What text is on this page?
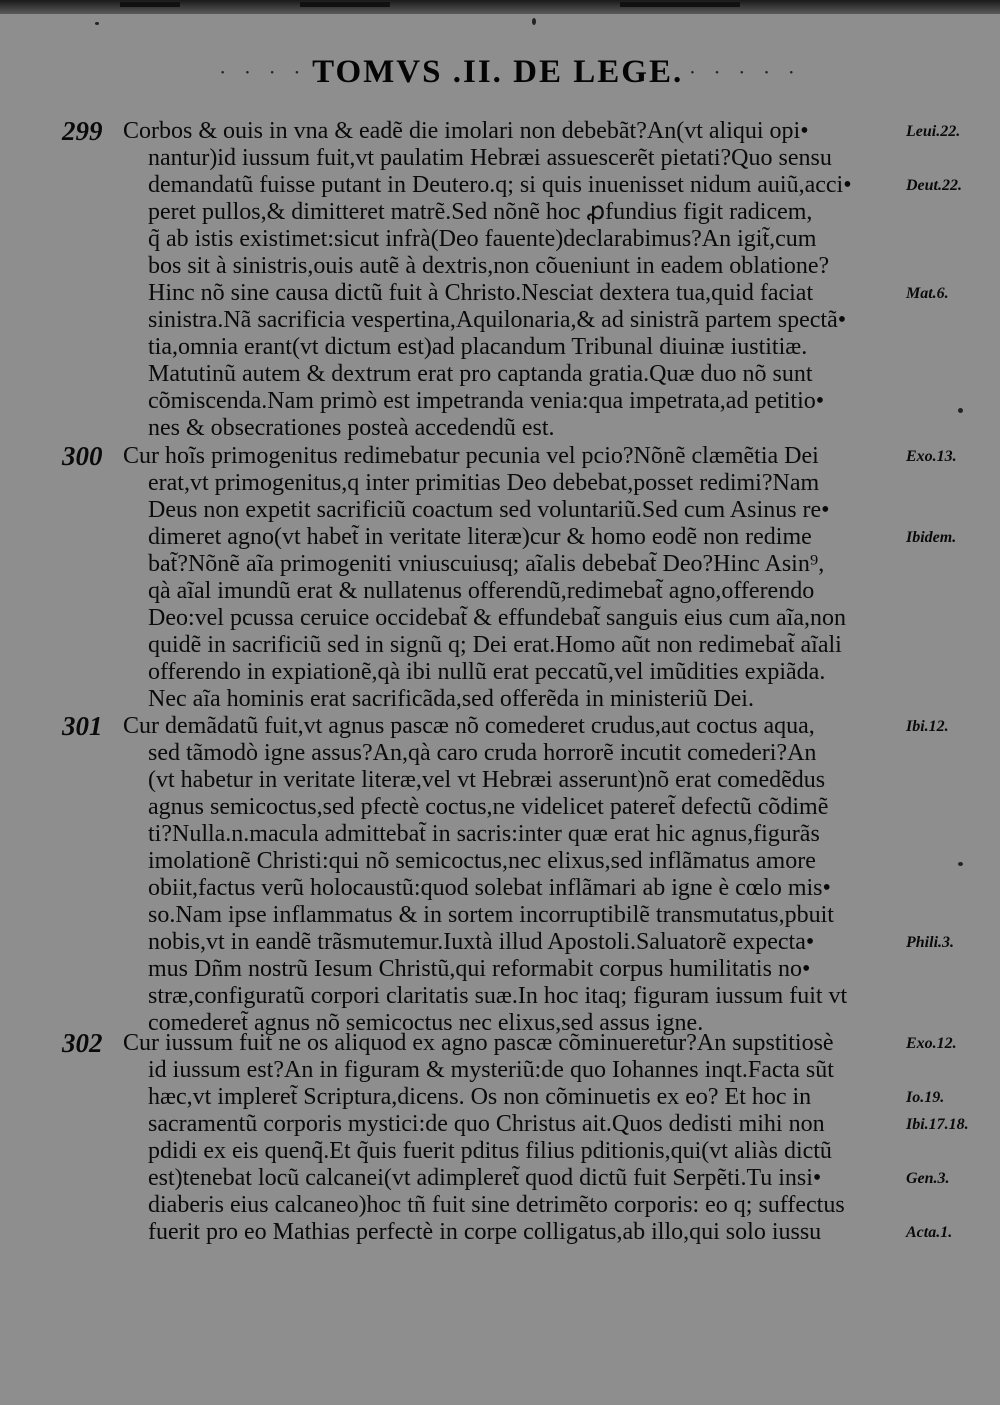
· · · · TOMVS .II. DE LEGE. · · · · ·
299 Corbos & ouis in vna & eadẽ die imolari non debebãt?An(vt aliqui opi•
nantur)id iussum fuit,vt paulatim Hebræi assuescerẽt pietati?Quo sensu
demandatũ fuisse putant in Deutero.q; si quis inuenisset nidum auiũ,acci•
peret pullos,& dimitteret matrẽ.Sed nõnẽ hoc ꝓfundius figit radicem,
q̃ ab istis existimet:sicut infrà(Deo fauente)declarabimus?An igit̃,cum
bos sit à sinistris,ouis autẽ à dextris,non cõueniunt in eadem oblatione?
Hinc nõ sine causa dictũ fuit à Christo.Nesciat dextera tua,quid faciat
sinistra.Nã sacrificia vespertina,Aquilonaria,& ad sinistrã partem spectã•
tia,omnia erant(vt dictum est)ad placandum Tribunal diuinæ iustitiæ.
Matutinũ autem & dextrum erat pro captanda gratia.Quæ duo nõ sunt
cõmiscenda.Nam primò est impetranda venia:qua impetrata,ad petitio•
nes & obsecrationes posteà accedendũ est.
Leui.22.
Deut.22.
Mat.6.
300 Cur hoĩs primogenitus redimebatur pecunia vel pcio?Nõnẽ clæmẽtia Dei
erat,vt primogenitus,q inter primitias Deo debebat,posset redimi?Nam
Deus non expetit sacrificiũ coactum sed voluntariũ.Sed cum Asinus re•
dimeret agno(vt habet̃ in veritate literæ)cur & homo eodẽ non redime
bat̃?Nõnẽ aĩa primogeniti vniuscuiusq; aĩalis debebat̃ Deo?Hinc Asin⁹,
qà aĩal imundũ erat & nullatenus offerendũ,redimebat̃ agno,offerendo
Deo:vel pcussa ceruice occidebat̃ & effundebat̃ sanguis eius cum aĩa,non
quidẽ in sacrificiũ sed in signũ q; Dei erat.Homo aũt non redimebat̃ aĩali
offerendo in expiationẽ,qà ibi nullũ erat peccatũ,vel imũdities expiãda.
Nec aĩa hominis erat sacrificãda,sed offerẽda in ministeriũ Dei.
Exo.13.
Ibidem.
301 Cur demãdatũ fuit,vt agnus pascæ nõ comederet crudus,aut coctus aqua,
sed tãmodò igne assus?An,qà caro cruda horrorẽ incutit comederi?An
(vt habetur in veritate literæ,vel vt Hebræi asserunt)nõ erat comedẽdus
agnus semicoctus,sed pfectè coctus,ne videlicet pateret̃ defectũ cõdimẽ
ti?Nulla.n.macula admittebat̃ in sacris:inter quæ erat hic agnus,figurãs
imolationẽ Christi:qui nõ semicoctus,nec elixus,sed inflãmatus amore
obiit,factus verũ holocaustũ:quod solebat inflãmari ab igne è cœlo mis•
so.Nam ipse inflammatus & in sortem incorruptibilẽ transmutatus,pbuit
nobis,vt in eandẽ trãsmutemur.Iuxtà illud Apostoli.Saluatorẽ expecta•
mus Dñm nostrũ Iesum Christũ,qui reformabit corpus humilitatis no•
stræ,configuratũ corpori claritatis suæ.In hoc itaq; figuram iussum fuit vt
comederet̃ agnus nõ semicoctus nec elixus,sed assus igne.
Ibi.12.
Phili.3.
302 Cur iussum fuit ne os aliquod ex agno pascæ cõminueretur?An supstitiosè
id iussum est?An in figuram & mysteriũ:de quo Iohannes inqt.Facta sũt
hæc,vt impleret̃ Scriptura,dicens. Os non cõminuetis ex eo? Et hoc in
sacramentũ corporis mystici:de quo Christus ait.Quos dedisti mihi non
pdidi ex eis quenq̃.Et q̃uis fuerit pditus filius pditionis,qui(vt aliàs dictũ
est)tenebat locũ calcanei(vt adimpleret̃ quod dictũ fuit Serpẽti.Tu insi•
diaberis eius calcaneo)hoc tñ fuit sine detrimẽto corporis: eo q; suffectus
fuerit pro eo Mathias perfectè in corpe colligatus,ab illo,qui solo iussu
Exo.12.
Io.19.
Ibi.17.18.
Gen.3.
Acta.1.
